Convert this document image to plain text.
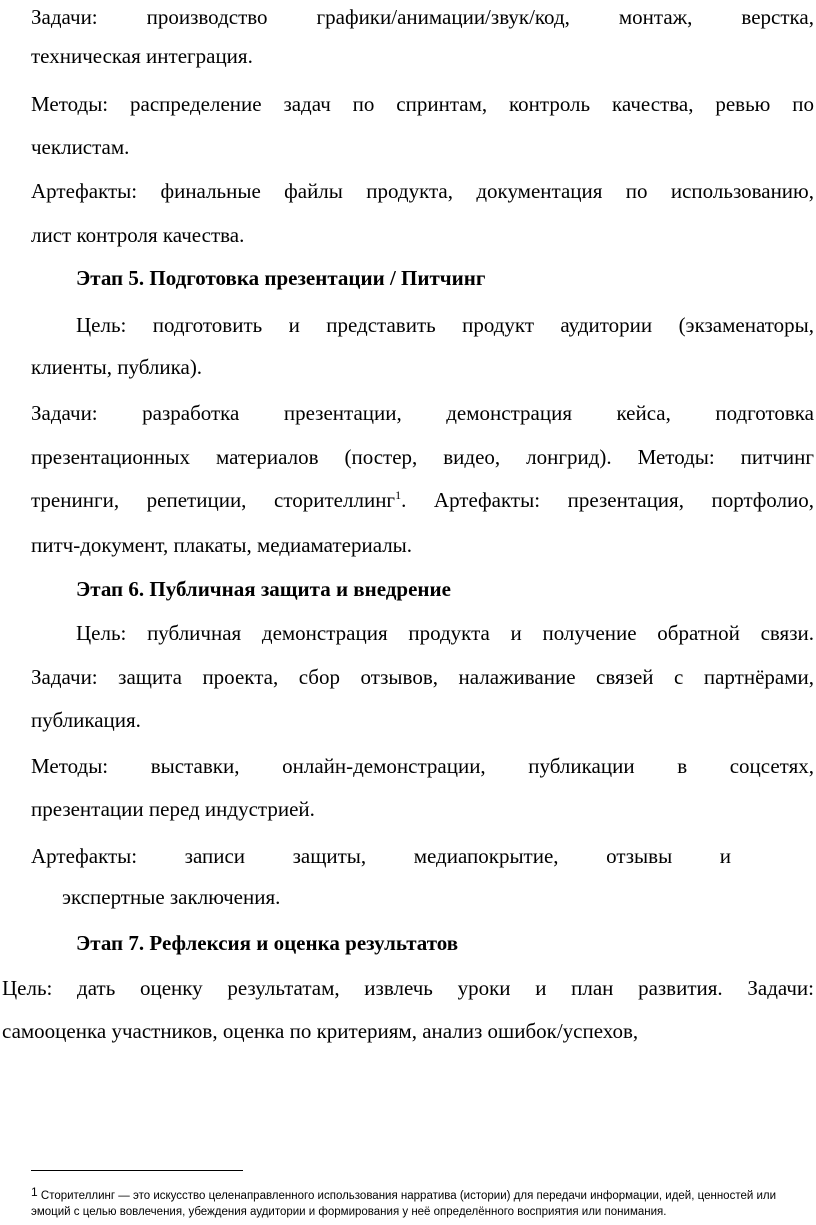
Задачи: производство графики/анимации/звук/код, монтаж, верстка,
техническая интеграция.
Методы: распределение задач по спринтам, контроль качества, ревью по
чеклистам.
Артефакты: финальные файлы продукта, документация по использованию,
лист контроля качества.
Этап 5. Подготовка презентации / Питчинг
Цель: подготовить и представить продукт аудитории (экзаменаторы,
клиенты, публика).
Задачи: разработка презентации, демонстрация кейса, подготовка
презентационных материалов (постер, видео, лонгрид). Методы: питчинг
тренинги, репетиции, сторителлинг$^1$. Артефакты: презентация, портфолио,
питч-документ, плакаты, медиаматериалы.
Этап 6. Публичная защита и внедрение
Цель: публичная демонстрация продукта и получение обратной связи.
Задачи: защита проекта, сбор отзывов, налаживание связей с партнёрами,
публикация.
Методы: выставки, онлайн-демонстрации, публикации в соцсетях,
презентации перед индустрией.
Артефакты: записи защиты, медиапокрытие, отзывы и
экспертные заключения.
Этап 7. Рефлексия и оценка результатов
Цель: дать оценку результатам, извлечь уроки и план развития. Задачи:
самооценка участников, оценка по критериям, анализ ошибок/успехов,
1 Сторителлинг — это искусство целенаправленного использования нарратива (истории) для передачи информации, идей, ценностей или
эмоций с целью вовлечения, убеждения аудитории и формирования у неё определённого восприятия или понимания.
